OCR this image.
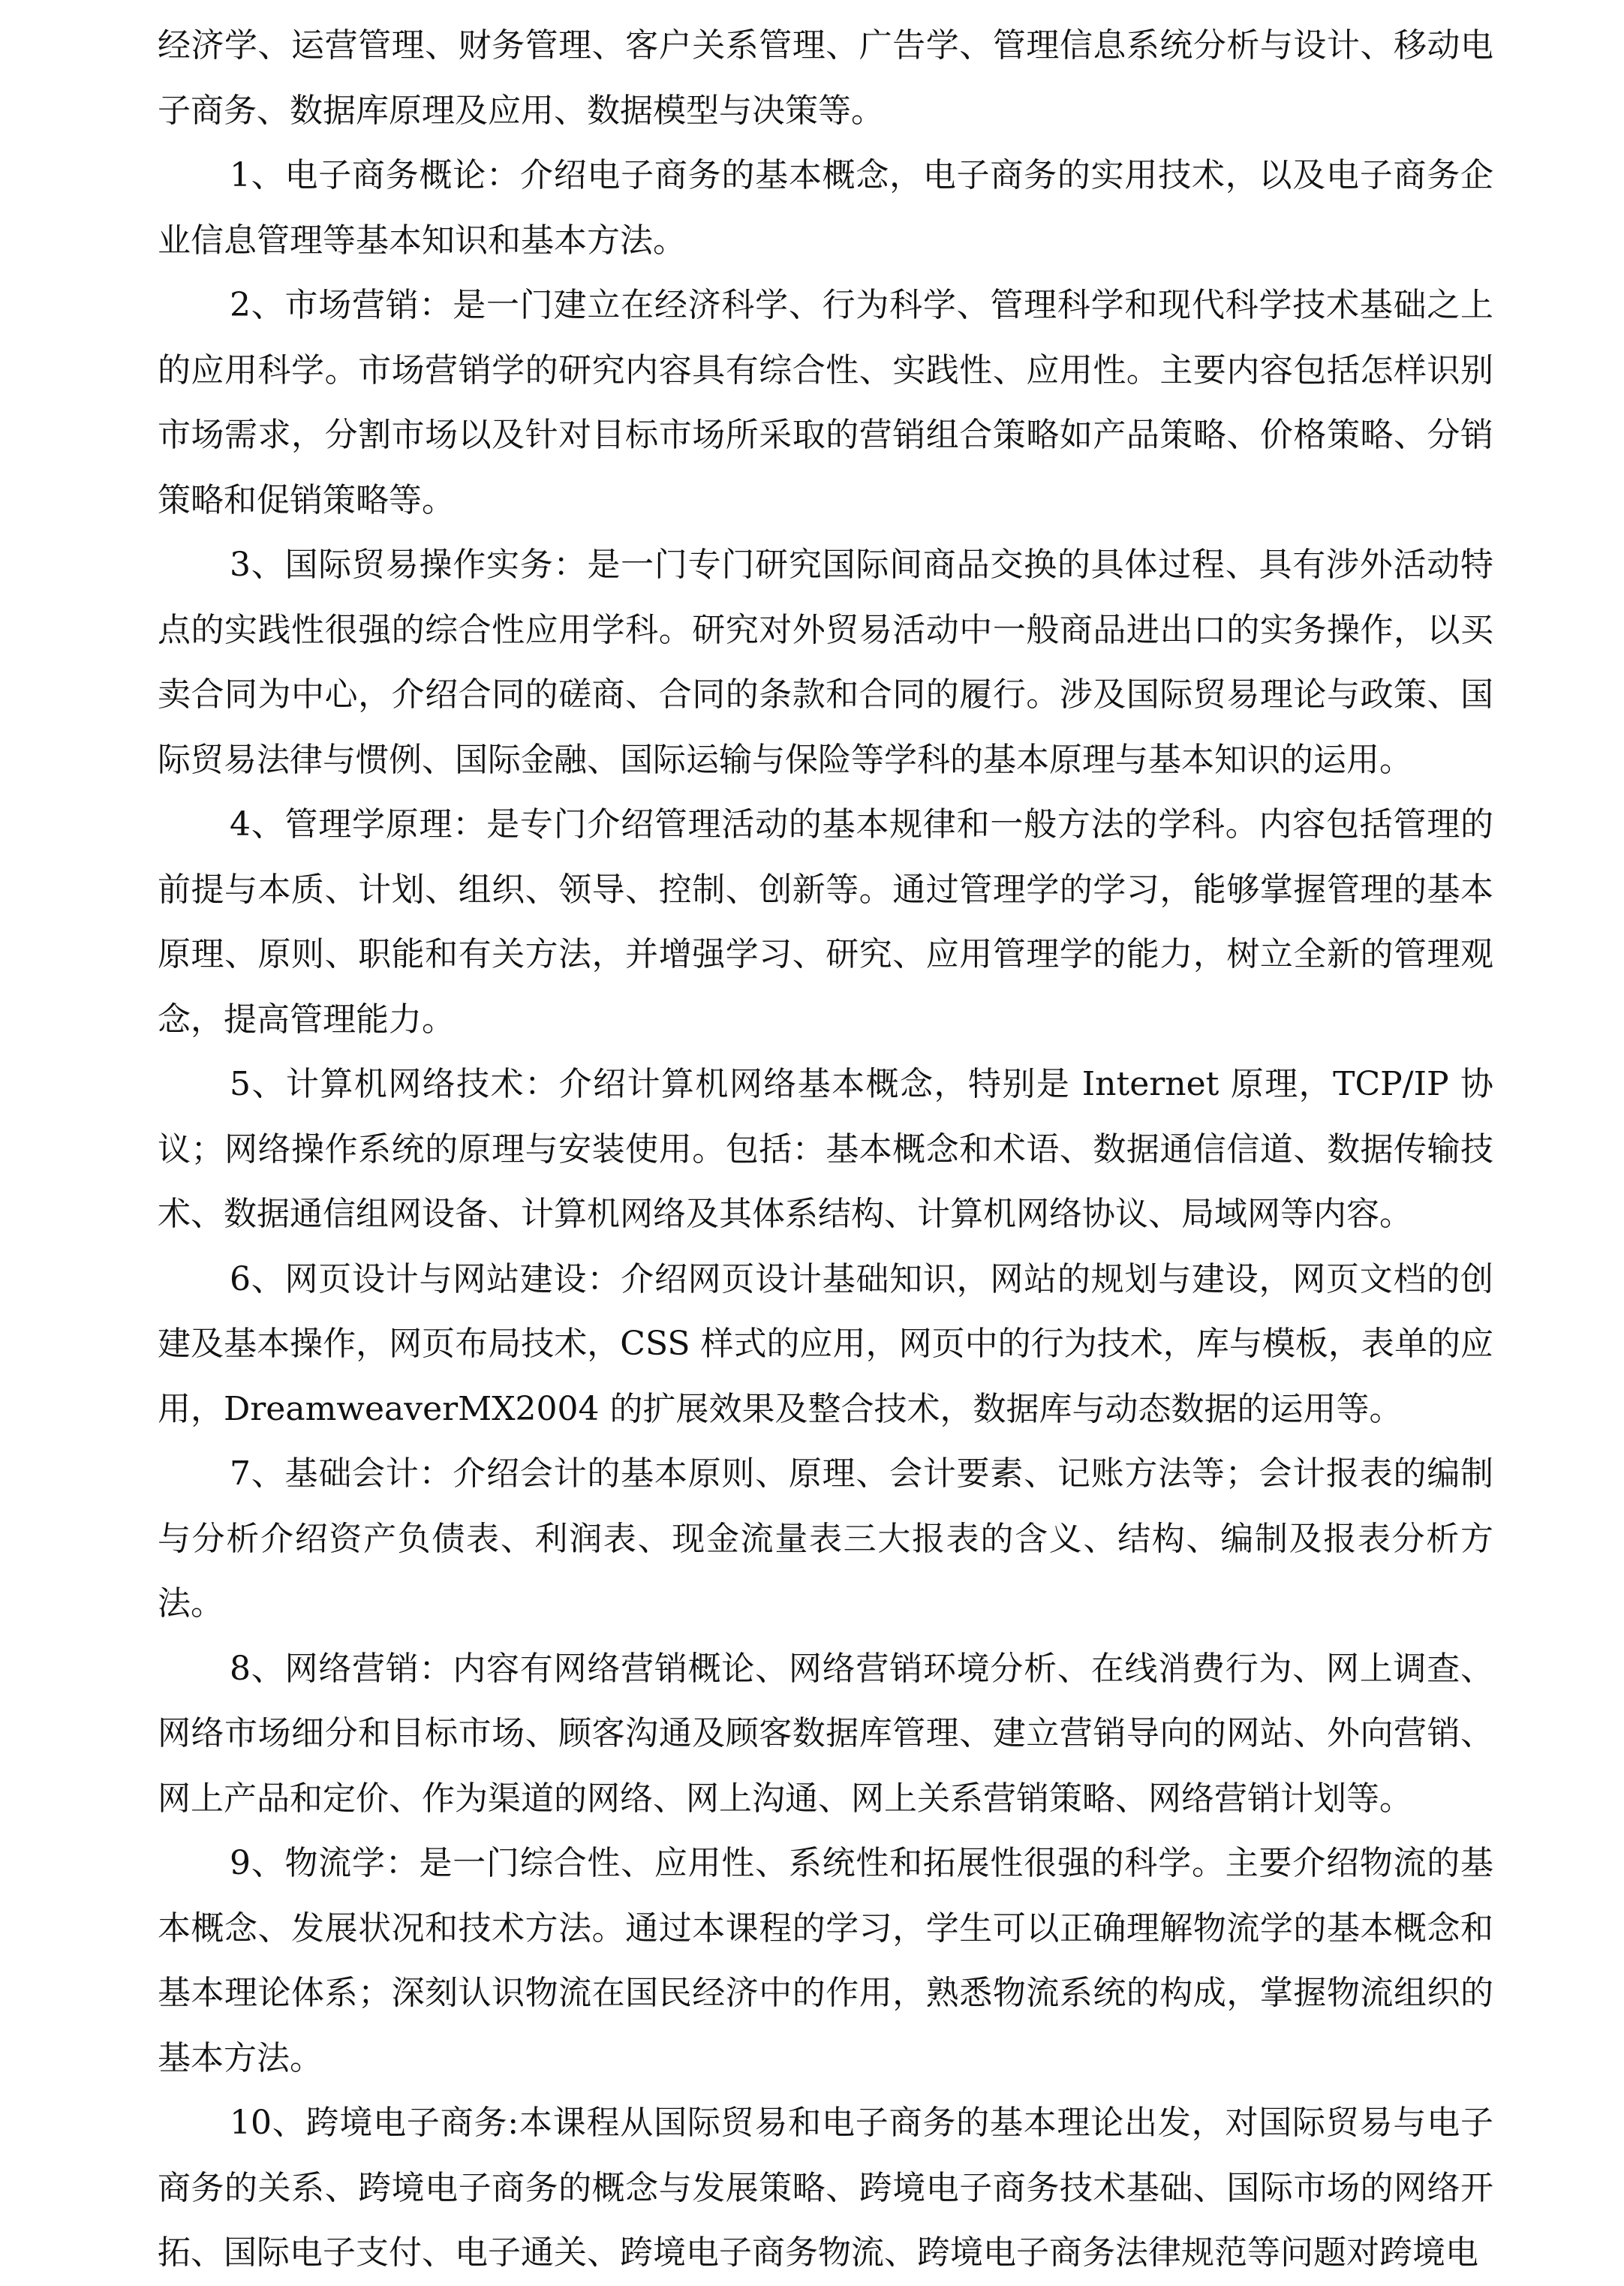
经济学、运营管理、财务管理、客户关系管理、广告学、管理信息系统分析与设计、移动电子商务、数据库原理及应用、数据模型与决策等。

1、电子商务概论：介绍电子商务的基本概念，电子商务的实用技术，以及电子商务企业信息管理等基本知识和基本方法。

2、市场营销：是一门建立在经济科学、行为科学、管理科学和现代科学技术基础之上的应用科学。市场营销学的研究内容具有综合性、实践性、应用性。主要内容包括怎样识别市场需求，分割市场以及针对目标市场所采取的营销组合策略如产品策略、价格策略、分销策略和促销策略等。

3、国际贸易操作实务：是一门专门研究国际间商品交换的具体过程、具有涉外活动特点的实践性很强的综合性应用学科。研究对外贸易活动中一般商品进出口的实务操作，以买卖合同为中心，介绍合同的磋商、合同的条款和合同的履行。涉及国际贸易理论与政策、国际贸易法律与惯例、国际金融、国际运输与保险等学科的基本原理与基本知识的运用。

4、管理学原理：是专门介绍管理活动的基本规律和一般方法的学科。内容包括管理的前提与本质、计划、组织、领导、控制、创新等。通过管理学的学习，能够掌握管理的基本原理、原则、职能和有关方法，并增强学习、研究、应用管理学的能力，树立全新的管理观念，提高管理能力。

5、计算机网络技术：介绍计算机网络基本概念，特别是 Internet 原理，TCP/IP 协议；网络操作系统的原理与安装使用。包括：基本概念和术语、数据通信信道、数据传输技术、数据通信组网设备、计算机网络及其体系结构、计算机网络协议、局域网等内容。

6、网页设计与网站建设：介绍网页设计基础知识，网站的规划与建设，网页文档的创建及基本操作，网页布局技术，CSS 样式的应用，网页中的行为技术，库与模板，表单的应用，DreamweaverMX2004 的扩展效果及整合技术，数据库与动态数据的运用等。

7、基础会计：介绍会计的基本原则、原理、会计要素、记账方法等；会计报表的编制与分析介绍资产负债表、利润表、现金流量表三大报表的含义、结构、编制及报表分析方法。

8、网络营销：内容有网络营销概论、网络营销环境分析、在线消费行为、网上调查、网络市场细分和目标市场、顾客沟通及顾客数据库管理、建立营销导向的网站、外向营销、网上产品和定价、作为渠道的网络、网上沟通、网上关系营销策略、网络营销计划等。

9、物流学：是一门综合性、应用性、系统性和拓展性很强的科学。主要介绍物流的基本概念、发展状况和技术方法。通过本课程的学习，学生可以正确理解物流学的基本概念和基本理论体系；深刻认识物流在国民经济中的作用，熟悉物流系统的构成，掌握物流组织的基本方法。

10、跨境电子商务:本课程从国际贸易和电子商务的基本理论出发，对国际贸易与电子商务的关系、跨境电子商务的概念与发展策略、跨境电子商务技术基础、国际市场的网络开拓、国际电子支付、电子通关、跨境电子商务物流、跨境电子商务法律规范等问题对跨境电
